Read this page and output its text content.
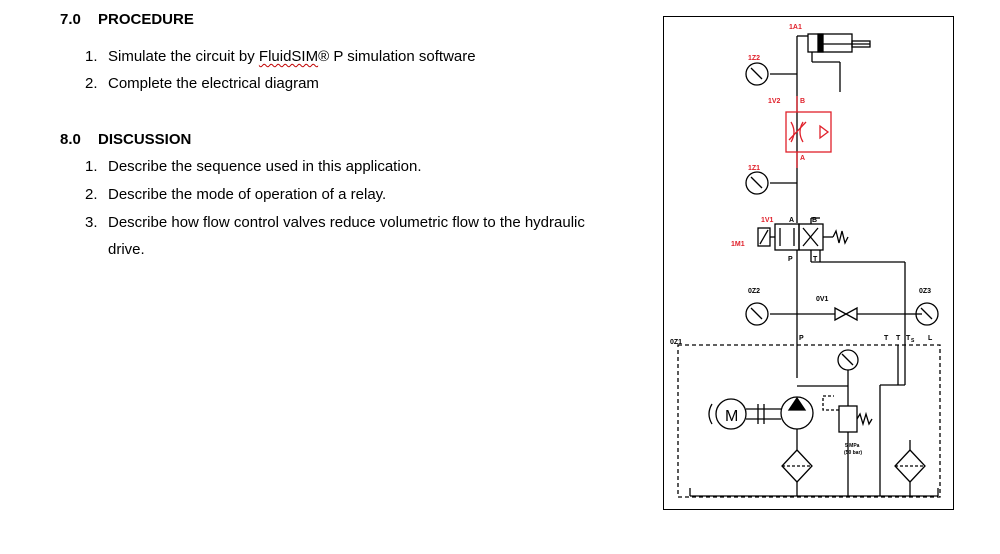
7.0 PROCEDURE
1. Simulate the circuit by FluidSIM® P simulation software
2. Complete the electrical diagram
8.0 DISCUSSION
1. Describe the sequence used in this application.
2. Describe the mode of operation of a relay.
3. Describe how flow control valves reduce volumetric flow to the hydraulic
drive.
1A1
1Z2
1V2
1Z1
1V1
1M1
B
A
A	B
P	T
0Z2
0V1
0Z3
0Z1
P	T T T S L
5 MPa
(50 bar)
M
